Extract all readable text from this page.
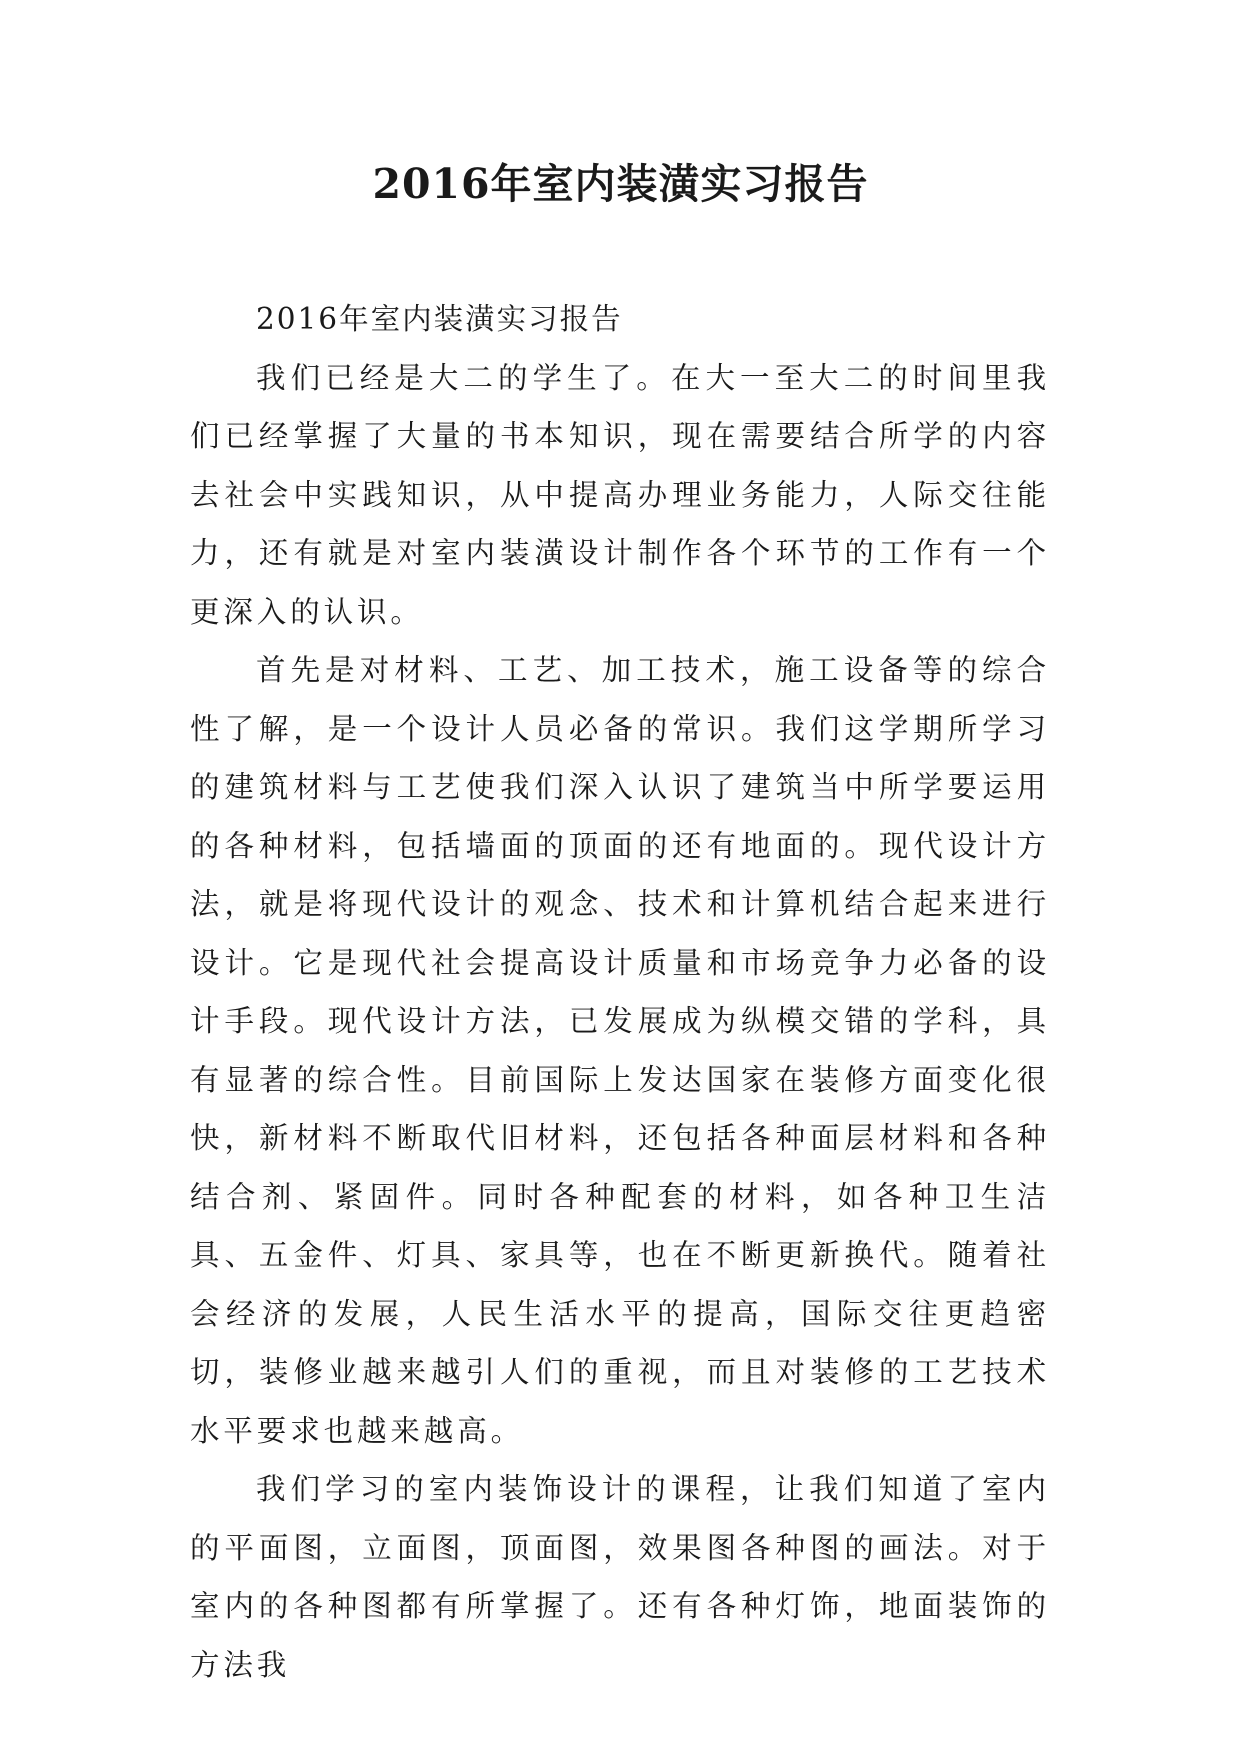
2016年室内装潢实习报告

2016年室内装潢实习报告

我们已经是大二的学生了。在大一至大二的时间里我们已经掌握了大量的书本知识，现在需要结合所学的内容去社会中实践知识，从中提高办理业务能力，人际交往能力，还有就是对室内装潢设计制作各个环节的工作有一个更深入的认识。

首先是对材料、工艺、加工技术，施工设备等的综合性了解，是一个设计人员必备的常识。我们这学期所学习的建筑材料与工艺使我们深入认识了建筑当中所学要运用的各种材料，包括墙面的顶面的还有地面的。现代设计方法，就是将现代设计的观念、技术和计算机结合起来进行设计。它是现代社会提高设计质量和市场竞争力必备的设计手段。现代设计方法，已发展成为纵模交错的学科，具有显著的综合性。目前国际上发达国家在装修方面变化很快，新材料不断取代旧材料，还包括各种面层材料和各种结合剂、紧固件。同时各种配套的材料，如各种卫生洁具、五金件、灯具、家具等，也在不断更新换代。随着社会经济的发展，人民生活水平的提高，国际交往更趋密切，装修业越来越引人们的重视，而且对装修的工艺技术水平要求也越来越高。

我们学习的室内装饰设计的课程，让我们知道了室内的平面图，立面图，顶面图，效果图各种图的画法。对于室内的各种图都有所掌握了。还有各种灯饰，地面装饰的方法我
